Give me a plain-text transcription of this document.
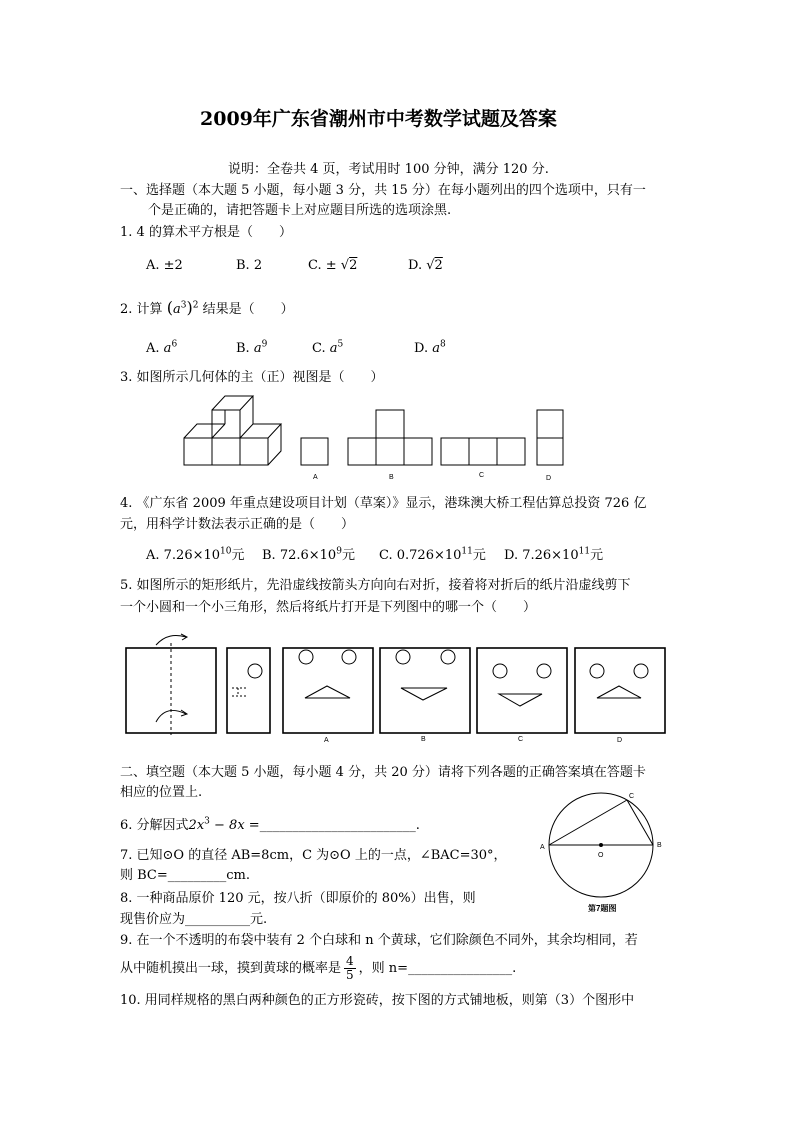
2009年广东省潮州市中考数学试题及答案
说明：全卷共 4 页，考试用时 100 分钟，满分 120 分.
一、选择题（本大题 5 小题，每小题 3 分，共 15 分）在每小题列出的四个选项中，只有一
个是正确的，请把答题卡上对应题目所选的选项涂黑.
1. 4 的算术平方根是（　　）
A. ±2	B. 2	C. ± √2	D. √2
2. 计算 $(a^3)^2$ 结果是（　　）
A. $a^6$	B. $a^9$	C. $a^5$	D. $a^8$
3. 如图所示几何体的主（正）视图是（　　）
A	B	C	D
4. 《广东省 2009 年重点建设项目计划（草案）》显示，港珠澳大桥工程估算总投资 726 亿
元，用科学计数法表示正确的是（　　）
A. $7.26\times 10^{10}$元 B. $72.6\times 10^9$元 C. $0.726\times 10^{11}$元 D. $7.26\times 10^{11}$元
5. 如图所示的矩形纸片，先沿虚线按箭头方向向右对折，接着将对折后的纸片沿虚线剪下
一个小圆和一个小三角形，然后将纸片打开是下列图中的哪一个（　　）
A	B	C	D
二、填空题（本大题 5 小题，每小题 4 分，共 20 分）请将下列各题的正确答案填在答题卡
相应的位置上.
6. 分解因式$2x^3 - 8x$ =________________________.
7. 已知⊙O 的直径 AB=8cm，C 为⊙O 上的一点，∠BAC=30°，
则 BC=_________cm.
A	B
C
O
第7题图
8. 一种商品原价 120 元，按八折（即原价的 80%）出售，则
现售价应为__________元.
9. 在一个不透明的布袋中装有 2 个白球和 n 个黄球，它们除颜色不同外，其余均相同，若
从中随机摸出一球，摸到黄球的概率是 $\frac{4}{5}$ ，则 n=________________.
10. 用同样规格的黑白两种颜色的正方形瓷砖，按下图的方式铺地板，则第（3）个图形中
